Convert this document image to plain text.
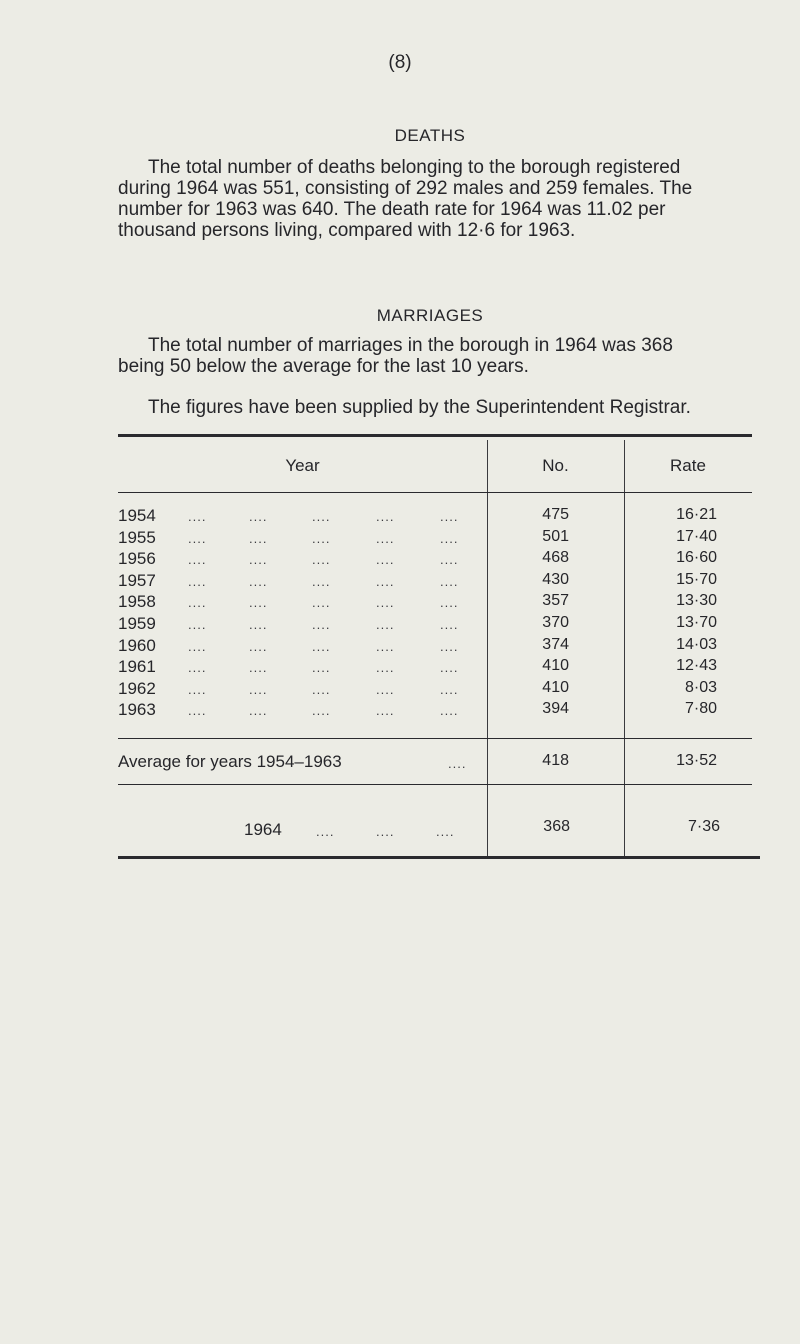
(8)
DEATHS
The total number of deaths belonging to the borough registered
during 1964 was 551, consisting of 292 males and 259 females. The
number for 1963 was 640. The death rate for 1964 was 11.02 per
thousand persons living, compared with 12·6 for 1963.
MARRIAGES
The total number of marriages in the borough in 1964 was 368
being 50 below the average for the last 10 years.
The figures have been supplied by the Superintendent Registrar.
Year	No.	Rate
1954 ....	....	....	....	....	475	16·21
1955 ....	....	....	....	....	501	17·40
1956 ....	....	....	....	....	468	16·60
1957 ....	....	....	....	....	430	15·70
1958 ....	....	....	....	....	357	13·30
1959 ....	....	....	....	....	370	13·70
1960 ....	....	....	....	....	374	14·03
1961 ....	....	....	....	....	410	12·43
1962 ....	....	....	....	....	410	8·03
1963 ....	....	....	....	....	394	7·80
Average for years 1954–1963	....	418	13·52
1964	....	....	....	368	7·36
